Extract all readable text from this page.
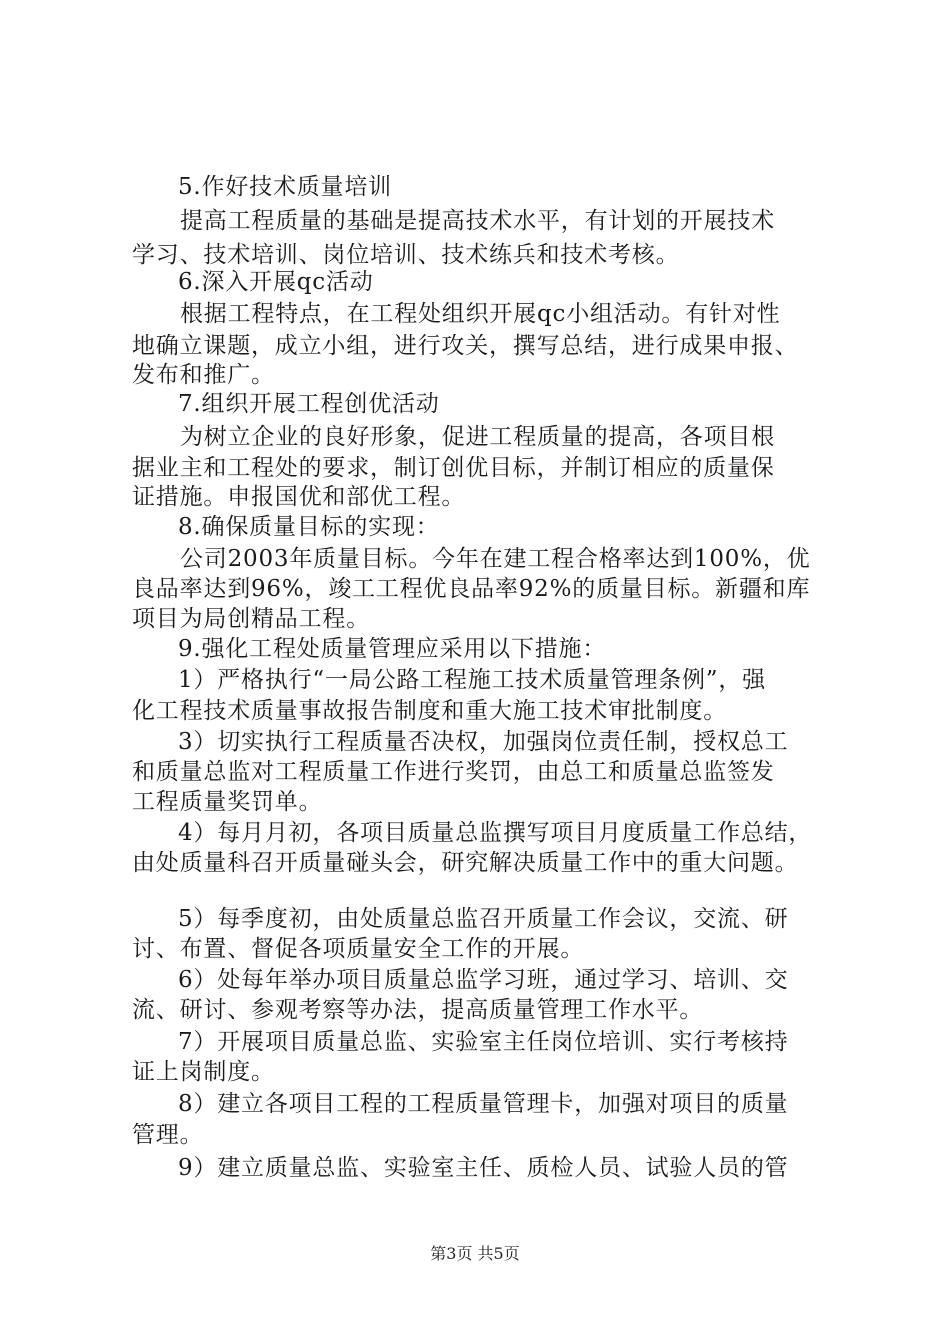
5.作好技术质量培训
提高工程质量的基础是提高技术水平，有计划的开展技术
学习、技术培训、岗位培训、技术练兵和技术考核。
6.深入开展qc活动
根据工程特点，在工程处组织开展qc小组活动。有针对性
地确立课题，成立小组，进行攻关，撰写总结，进行成果申报、
发布和推广。
7.组织开展工程创优活动
为树立企业的良好形象，促进工程质量的提高，各项目根
据业主和工程处的要求，制订创优目标，并制订相应的质量保
证措施。申报国优和部优工程。
8.确保质量目标的实现：
公司2003年质量目标。今年在建工程合格率达到100%，优
良品率达到96%，竣工工程优良品率92%的质量目标。新疆和库
项目为局创精品工程。
9.强化工程处质量管理应采用以下措施：
1）严格执行“一局公路工程施工技术质量管理条例”，强
化工程技术质量事故报告制度和重大施工技术审批制度。
3）切实执行工程质量否决权，加强岗位责任制，授权总工
和质量总监对工程质量工作进行奖罚，由总工和质量总监签发
工程质量奖罚单。
4）每月月初，各项目质量总监撰写项目月度质量工作总结，
由处质量科召开质量碰头会，研究解决质量工作中的重大问题。
5）每季度初，由处质量总监召开质量工作会议，交流、研
讨、布置、督促各项质量安全工作的开展。
6）处每年举办项目质量总监学习班，通过学习、培训、交
流、研讨、参观考察等办法，提高质量管理工作水平。
7）开展项目质量总监、实验室主任岗位培训、实行考核持
证上岗制度。
8）建立各项目工程的工程质量管理卡，加强对项目的质量
管理。
9）建立质量总监、实验室主任、质检人员、试验人员的管
第3页 共5页
